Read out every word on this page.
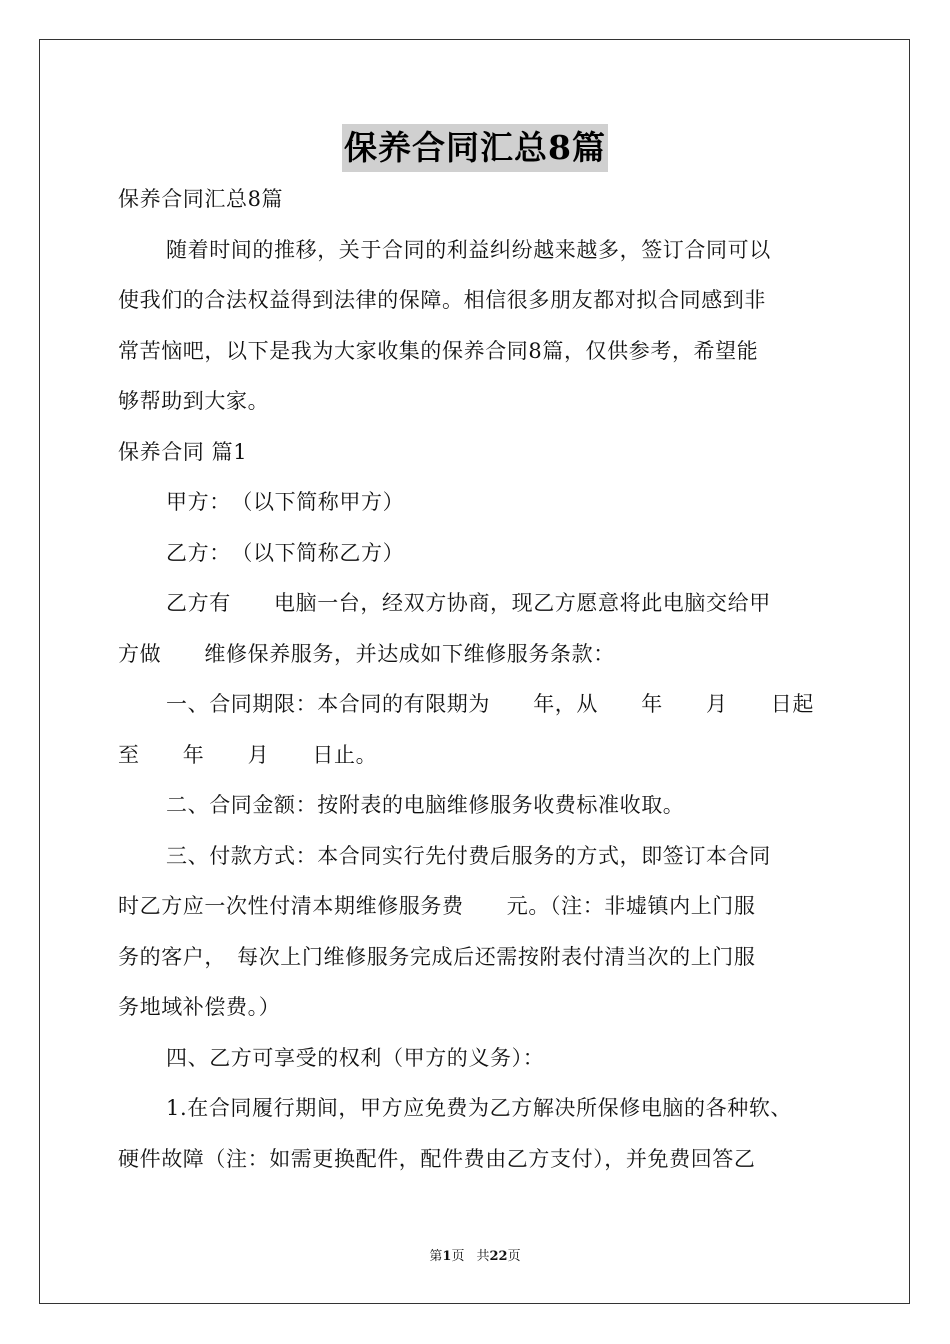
保养合同汇总8篇
保养合同汇总8篇
随着时间的推移，关于合同的利益纠纷越来越多，签订合同可以
使我们的合法权益得到法律的保障。相信很多朋友都对拟合同感到非
常苦恼吧，以下是我为大家收集的保养合同8篇，仅供参考，希望能
够帮助到大家。
保养合同 篇1
甲方：　（以下简称甲方）
乙方：　（以下简称乙方）
乙方有　　电脑一台，经双方协商，现乙方愿意将此电脑交给甲
方做　　维修保养服务，并达成如下维修服务条款：
一、合同期限：本合同的有限期为　　年，从　　年　　月　　日起
至　　年　　月　　日止。
二、合同金额：按附表的电脑维修服务收费标准收取。
三、付款方式：本合同实行先付费后服务的方式，即签订本合同
时乙方应一次性付清本期维修服务费　　元。（注：非墟镇内上门服
务的客户，　每次上门维修服务完成后还需按附表付清当次的上门服
务地域补偿费。）
四、乙方可享受的权利（甲方的义务）：
1.在合同履行期间，甲方应免费为乙方解决所保修电脑的各种软、
硬件故障（注：如需更换配件，配件费由乙方支付），并免费回答乙
第1页 共22页
